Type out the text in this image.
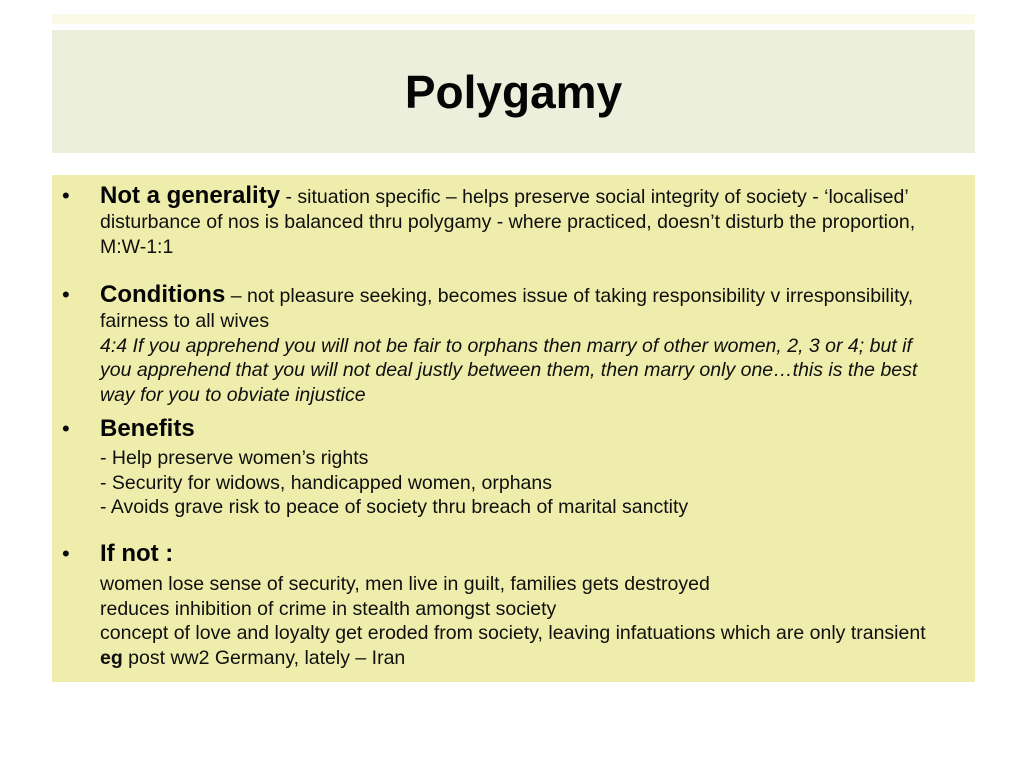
Polygamy
• Not a generality - situation specific – helps preserve social integrity of society - ‘localised’
disturbance of nos is balanced thru polygamy - where practiced, doesn’t disturb the proportion,
M:W-1:1
• Conditions – not pleasure seeking, becomes issue of taking responsibility v irresponsibility,
fairness to all wives
4:4 If you apprehend you will not be fair to orphans then marry of other women, 2, 3 or 4; but if
you apprehend that you will not deal justly between them, then marry only one…this is the best
way for you to obviate injustice
• Benefits
- Help preserve women’s rights
- Security for widows, handicapped women, orphans
- Avoids grave risk to peace of society thru breach of marital sanctity
• If not :
women lose sense of security, men live in guilt, families gets destroyed
reduces inhibition of crime in stealth amongst society
concept of love and loyalty get eroded from society, leaving infatuations which are only transient
eg post ww2 Germany, lately – Iran
